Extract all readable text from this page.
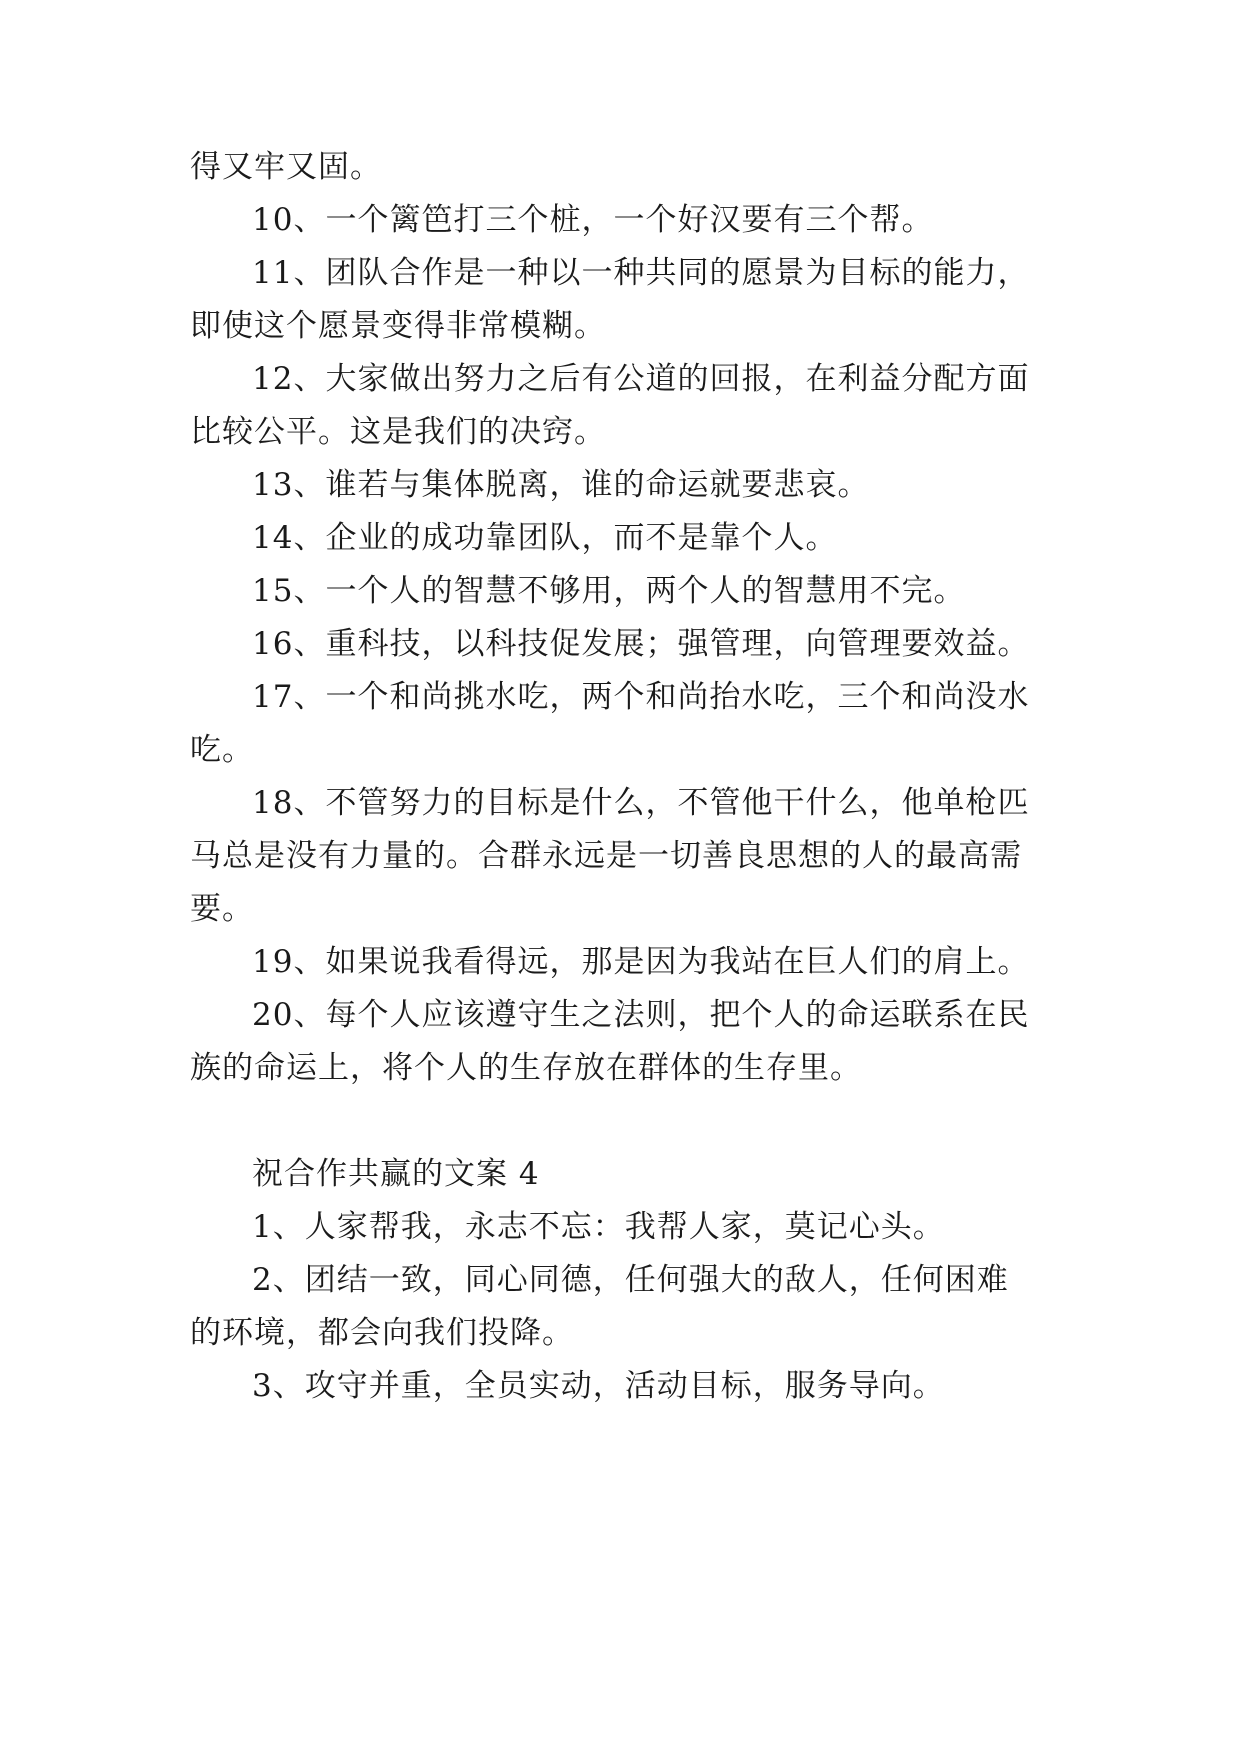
得又牢又固。
10、一个篱笆打三个桩，一个好汉要有三个帮。
11、团队合作是一种以一种共同的愿景为目标的能力，
即使这个愿景变得非常模糊。
12、大家做出努力之后有公道的回报，在利益分配方面
比较公平。这是我们的决窍。
13、谁若与集体脱离，谁的命运就要悲哀。
14、企业的成功靠团队，而不是靠个人。
15、一个人的智慧不够用，两个人的智慧用不完。
16、重科技，以科技促发展；强管理，向管理要效益。
17、一个和尚挑水吃，两个和尚抬水吃，三个和尚没水
吃。
18、不管努力的目标是什么，不管他干什么，他单枪匹
马总是没有力量的。合群永远是一切善良思想的人的最高需
要。
19、如果说我看得远，那是因为我站在巨人们的肩上。
20、每个人应该遵守生之法则，把个人的命运联系在民
族的命运上，将个人的生存放在群体的生存里。
祝合作共赢的文案 4
1、人家帮我，永志不忘：我帮人家，莫记心头。
2、团结一致，同心同德，任何强大的敌人，任何困难
的环境，都会向我们投降。
3、攻守并重，全员实动，活动目标，服务导向。
